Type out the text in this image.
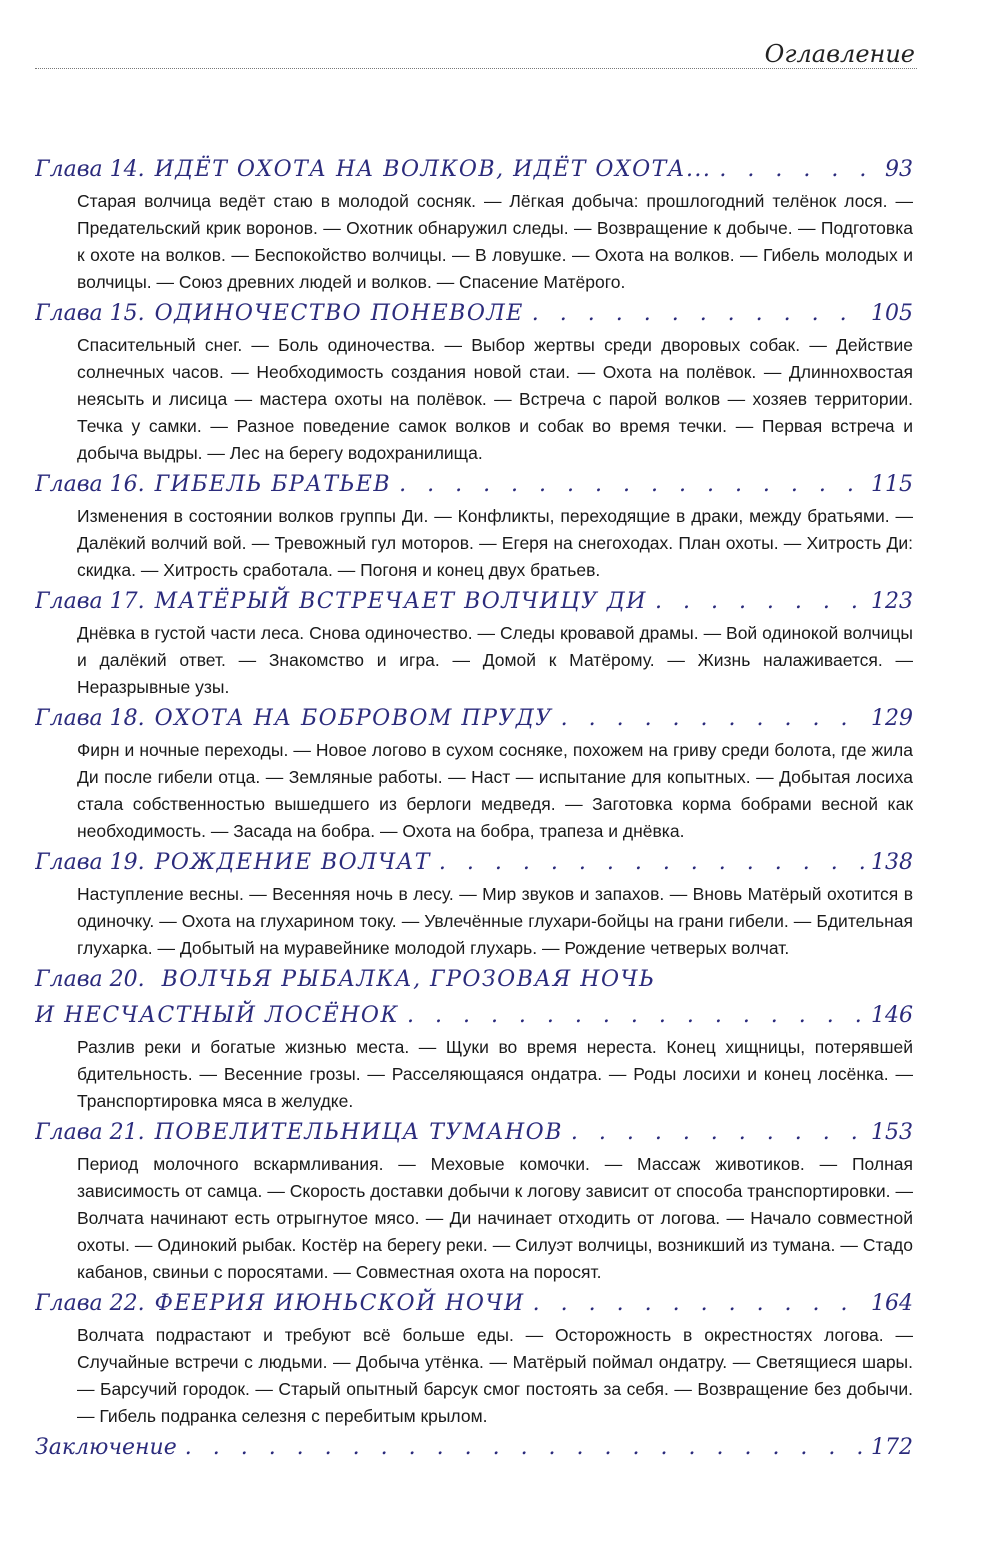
Оглавление
Глава 14. ИДЁТ ОХОТА НА ВОЛКОВ, ИДЁТ ОХОТА... . . .	93

Старая волчица ведёт стаю в молодой сосняк. — Лёгкая добыча: прошлогодний телёнок лося. — Предательский крик воронов. — Охотник обнаружил следы. — Возвращение к добыче. — Подготовка к охоте на волков. — Беспокойство волчицы. — В ловушке. — Охота на волков. — Гибель молодых и волчицы. — Союз древних людей и волков. — Спасение Матёрого.

Глава 15. ОДИНОЧЕСТВО ПОНЕВОЛЕ . . .	105

Спасительный снег. — Боль одиночества. — Выбор жертвы среди дворовых собак. — Действие солнечных часов. — Необходимость создания новой стаи. — Охота на полёвок. — Длиннохвостая неясыть и лисица — мастера охоты на полёвок. — Встреча с парой волков — хозяев территории. Течка у самки. — Разное поведение самок волков и собак во время течки. — Первая встреча и добыча выдры. — Лес на берегу водохранилища.

Глава 16. ГИБЕЛЬ БРАТЬЕВ . . .	115

Изменения в состоянии волков группы Ди. — Конфликты, переходящие в драки, между братьями. — Далёкий волчий вой. — Тревожный гул моторов. — Егеря на снегоходах. План охоты. — Хитрость Ди: скидка. — Хитрость сработала. — Погоня и конец двух братьев.

Глава 17. МАТЁРЫЙ ВСТРЕЧАЕТ ВОЛЧИЦУ ДИ . . .	123

Днёвка в густой части леса. Снова одиночество. — Следы кровавой драмы. — Вой одинокой волчицы и далёкий ответ. — Знакомство и игра. — Домой к Матёрому. — Жизнь налаживается. — Неразрывные узы.

Глава 18. ОХОТА НА БОБРОВОМ ПРУДУ . . .	129

Фирн и ночные переходы. — Новое логово в сухом сосняке, похожем на гриву среди болота, где жила Ди после гибели отца. — Земляные работы. — Наст — испытание для копытных. — Добытая лосиха стала собственностью вышедшего из берлоги медведя. — Заготовка корма бобрами весной как необходимость. — Засада на бобра. — Охота на бобра, трапеза и днёвка.

Глава 19. РОЖДЕНИЕ ВОЛЧАТ . . .	138

Наступление весны. — Весенняя ночь в лесу. — Мир звуков и запахов. — Вновь Матёрый охотится в одиночку. — Охота на глухарином току. — Увлечённые глухари-бойцы на грани гибели. — Бдительная глухарка. — Добытый на муравейнике молодой глухарь. — Рождение четверых волчат.

Глава 20. ВОЛЧЬЯ РЫБАЛКА, ГРОЗОВАЯ НОЧЬ
И НЕСЧАСТНЫЙ ЛОСЁНОК . . .	146

Разлив реки и богатые жизнью места. — Щуки во время нереста. Конец хищницы, потерявшей бдительность. — Весенние грозы. — Расселяющаяся ондатра. — Роды лосихи и конец лосёнка. — Транспортировка мяса в желудке.

Глава 21. ПОВЕЛИТЕЛЬНИЦА ТУМАНОВ . . .	153

Период молочного вскармливания. — Меховые комочки. — Массаж животиков. — Полная зависимость от самца. — Скорость доставки добычи к логову зависит от способа транспортировки. — Волчата начинают есть отрыгнутое мясо. — Ди начинает отходить от логова. — Начало совместной охоты. — Одинокий рыбак. Костёр на берегу реки. — Силуэт волчицы, возникший из тумана. — Стадо кабанов, свиньи с поросятами. — Совместная охота на поросят.

Глава 22. ФЕЕРИЯ ИЮНЬСКОЙ НОЧИ . . .	164

Волчата подрастают и требуют всё больше еды. — Осторожность в окрестностях логова. — Случайные встречи с людьми. — Добыча утёнка. — Матёрый поймал ондатру. — Светящиеся шары. — Барсучий городок. — Старый опытный барсук смог постоять за себя. — Возвращение без добычи. — Гибель подранка селезня с перебитым крылом.

Заключение . . .	172
